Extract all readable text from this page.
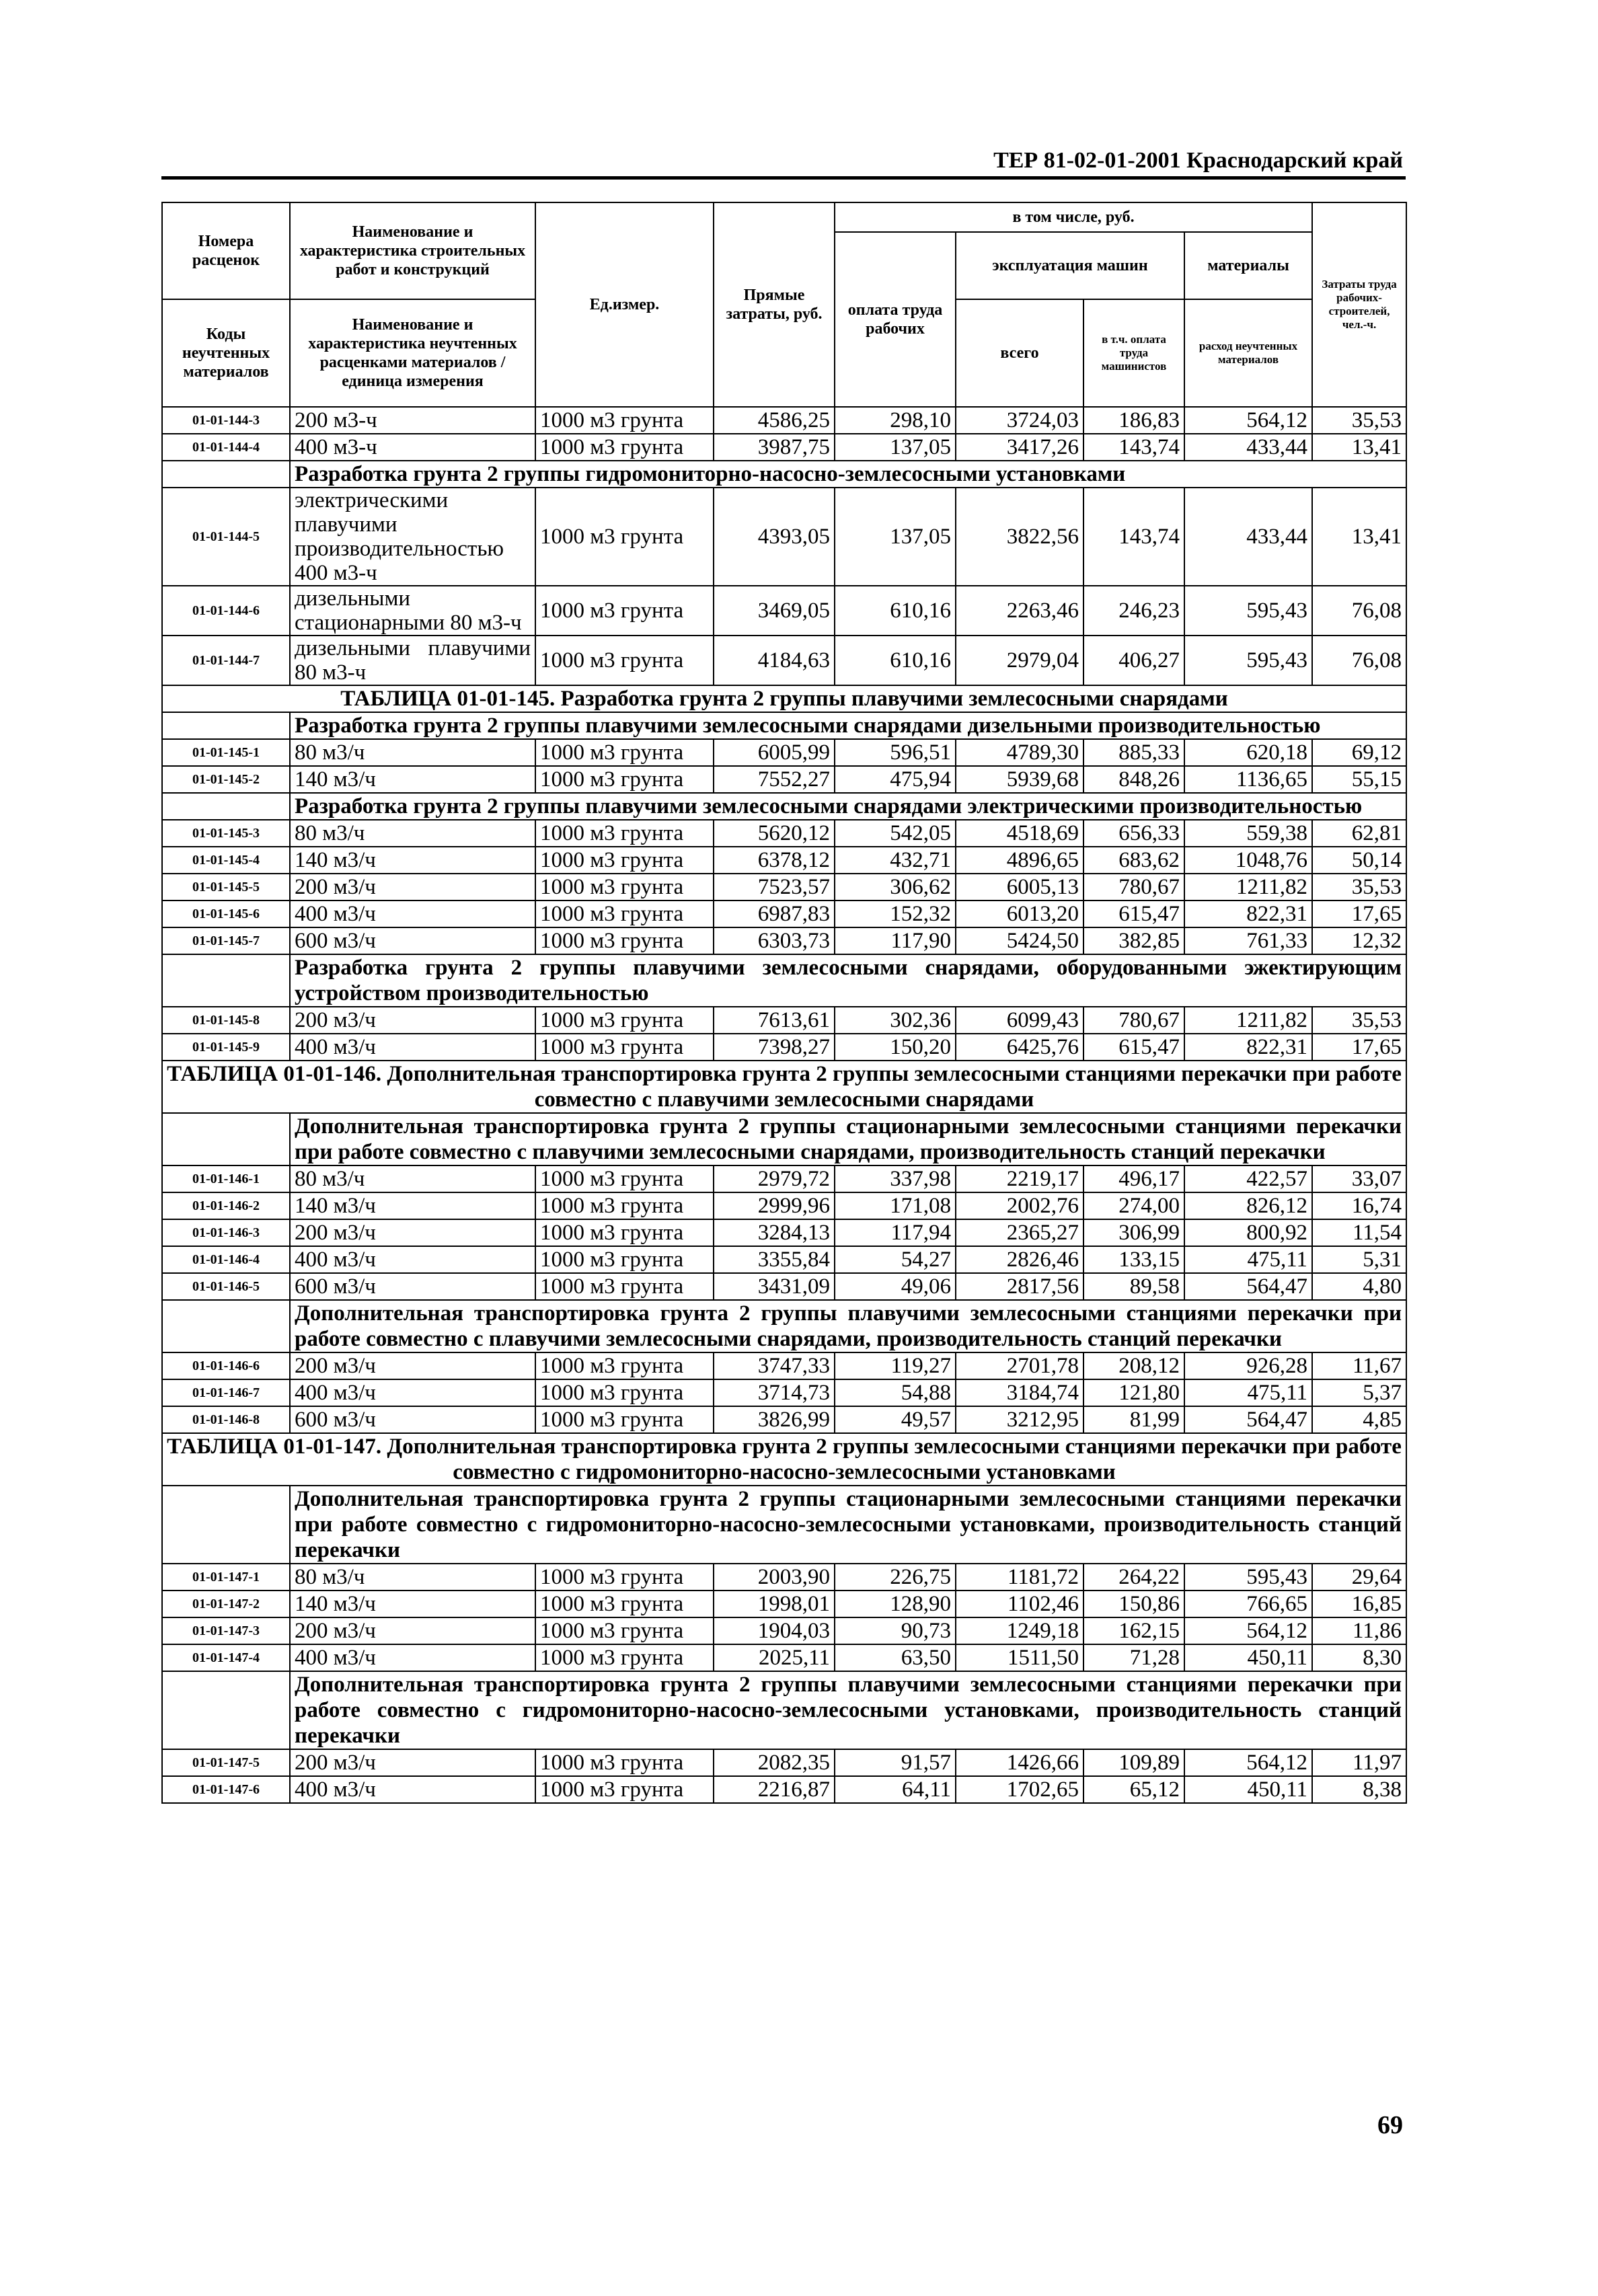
ТЕР 81-02-01-2001 Краснодарский край
Номера расценок	Наименование и характеристика строительных работ и конструкций	Ед.измер.	Прямые затраты, руб.	в том числе, руб.				Затраты труда рабочих-строителей, чел.-ч.
				оплата труда рабочих	эксплуатация машин		материалы	
Коды неучтенных материалов	Наименование и характеристика неучтенных расценками материалов / единица измерения				всего	в т.ч. оплата труда машинистов	расход неучтенных материалов	

01-01-144-3	200 м3-ч	1000 м3 грунта	4586,25	298,10	3724,03	186,83	564,12	35,53
01-01-144-4	400 м3-ч	1000 м3 грунта	3987,75	137,05	3417,26	143,74	433,44	13,41
	Разработка грунта 2 группы гидромониторно-насосно-землесосными установками							
01-01-144-5	электрическими плавучими производительностью 400 м3-ч	1000 м3 грунта	4393,05	137,05	3822,56	143,74	433,44	13,41
01-01-144-6	дизельными стационарными 80 м3-ч	1000 м3 грунта	3469,05	610,16	2263,46	246,23	595,43	76,08
01-01-144-7	дизельными плавучими 80 м3-ч	1000 м3 грунта	4184,63	610,16	2979,04	406,27	595,43	76,08
ТАБЛИЦА 01-01-145. Разработка грунта 2 группы плавучими землесосными снарядами								
	Разработка грунта 2 группы плавучими землесосными снарядами дизельными производительностью							
01-01-145-1	80 м3/ч	1000 м3 грунта	6005,99	596,51	4789,30	885,33	620,18	69,12
01-01-145-2	140 м3/ч	1000 м3 грунта	7552,27	475,94	5939,68	848,26	1136,65	55,15
	Разработка грунта 2 группы плавучими землесосными снарядами электрическими производительностью							
01-01-145-3	80 м3/ч	1000 м3 грунта	5620,12	542,05	4518,69	656,33	559,38	62,81
01-01-145-4	140 м3/ч	1000 м3 грунта	6378,12	432,71	4896,65	683,62	1048,76	50,14
01-01-145-5	200 м3/ч	1000 м3 грунта	7523,57	306,62	6005,13	780,67	1211,82	35,53
01-01-145-6	400 м3/ч	1000 м3 грунта	6987,83	152,32	6013,20	615,47	822,31	17,65
01-01-145-7	600 м3/ч	1000 м3 грунта	6303,73	117,90	5424,50	382,85	761,33	12,32
	Разработка грунта 2 группы плавучими землесосными снарядами, оборудованными эжектирующим устройством производительностью							
01-01-145-8	200 м3/ч	1000 м3 грунта	7613,61	302,36	6099,43	780,67	1211,82	35,53
01-01-145-9	400 м3/ч	1000 м3 грунта	7398,27	150,20	6425,76	615,47	822,31	17,65
ТАБЛИЦА 01-01-146. Дополнительная транспортировка грунта 2 группы землесосными станциями перекачки при работе совместно с плавучими землесосными снарядами								
	Дополнительная транспортировка грунта 2 группы стационарными землесосными станциями перекачки при работе совместно с плавучими землесосными снарядами, производительность станций перекачки							
01-01-146-1	80 м3/ч	1000 м3 грунта	2979,72	337,98	2219,17	496,17	422,57	33,07
01-01-146-2	140 м3/ч	1000 м3 грунта	2999,96	171,08	2002,76	274,00	826,12	16,74
01-01-146-3	200 м3/ч	1000 м3 грунта	3284,13	117,94	2365,27	306,99	800,92	11,54
01-01-146-4	400 м3/ч	1000 м3 грунта	3355,84	54,27	2826,46	133,15	475,11	5,31
01-01-146-5	600 м3/ч	1000 м3 грунта	3431,09	49,06	2817,56	89,58	564,47	4,80
	Дополнительная транспортировка грунта 2 группы плавучими землесосными станциями перекачки при работе совместно с плавучими землесосными снарядами, производительность станций перекачки							
01-01-146-6	200 м3/ч	1000 м3 грунта	3747,33	119,27	2701,78	208,12	926,28	11,67
01-01-146-7	400 м3/ч	1000 м3 грунта	3714,73	54,88	3184,74	121,80	475,11	5,37
01-01-146-8	600 м3/ч	1000 м3 грунта	3826,99	49,57	3212,95	81,99	564,47	4,85
ТАБЛИЦА 01-01-147. Дополнительная транспортировка грунта 2 группы землесосными станциями перекачки при работе совместно с гидромониторно-насосно-землесосными установками								
	Дополнительная транспортировка грунта 2 группы стационарными землесосными станциями перекачки при работе совместно с гидромониторно-насосно-землесосными установками, производительность станций перекачки							
01-01-147-1	80 м3/ч	1000 м3 грунта	2003,90	226,75	1181,72	264,22	595,43	29,64
01-01-147-2	140 м3/ч	1000 м3 грунта	1998,01	128,90	1102,46	150,86	766,65	16,85
01-01-147-3	200 м3/ч	1000 м3 грунта	1904,03	90,73	1249,18	162,15	564,12	11,86
01-01-147-4	400 м3/ч	1000 м3 грунта	2025,11	63,50	1511,50	71,28	450,11	8,30
	Дополнительная транспортировка грунта 2 группы плавучими землесосными станциями перекачки при работе совместно с гидромониторно-насосно-землесосными установками, производительность станций перекачки							
01-01-147-5	200 м3/ч	1000 м3 грунта	2082,35	91,57	1426,66	109,89	564,12	11,97
01-01-147-6	400 м3/ч	1000 м3 грунта	2216,87	64,11	1702,65	65,12	450,11	8,38
69
